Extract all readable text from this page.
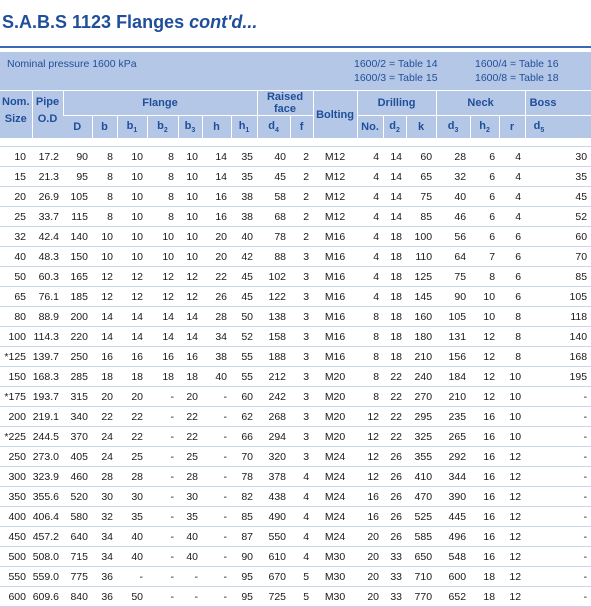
S.A.B.S 1123 Flanges cont'd...
Nominal pressure 1600 kPa	1600/2 = Table 14
1600/3 = Table 15
1600/4 = Table 16
1600/8 = Table 18
Nom.	Pipe	Flange							Raised face		Bolting	Drilling			Neck			Boss
Size	O.D																	
		D	b	$b_1$	$b_2$	$b_3$	h	$h_1$	$d_4$	f		No.	$d_2$	k	$d_3$	$h_2$	r	$d_5$

10	17.2	90	8	10	8	10	14	35	40	2	M12	4	14	60	28	6	4	30
15	21.3	95	8	10	8	10	14	35	45	2	M12	4	14	65	32	6	4	35
20	26.9	105	8	10	8	10	16	38	58	2	M12	4	14	75	40	6	4	45
25	33.7	115	8	10	8	10	16	38	68	2	M12	4	14	85	46	6	4	52
32	42.4	140	10	10	10	10	20	40	78	2	M16	4	18	100	56	6	6	60
40	48.3	150	10	10	10	10	20	42	88	3	M16	4	18	110	64	7	6	70
50	60.3	165	12	12	12	12	22	45	102	3	M16	4	18	125	75	8	6	85
65	76.1	185	12	12	12	12	26	45	122	3	M16	4	18	145	90	10	6	105
80	88.9	200	14	14	14	14	28	50	138	3	M16	8	18	160	105	10	8	118
100	114.3	220	14	14	14	14	34	52	158	3	M16	8	18	180	131	12	8	140
*125	139.7	250	16	16	16	16	38	55	188	3	M16	8	18	210	156	12	8	168
150	168.3	285	18	18	18	18	40	55	212	3	M20	8	22	240	184	12	10	195
*175	193.7	315	20	20	-	20	-	60	242	3	M20	8	22	270	210	12	10	-
200	219.1	340	22	22	-	22	-	62	268	3	M20	12	22	295	235	16	10	-
*225	244.5	370	24	22	-	22	-	66	294	3	M20	12	22	325	265	16	10	-
250	273.0	405	24	25	-	25	-	70	320	3	M24	12	26	355	292	16	12	-
300	323.9	460	28	28	-	28	-	78	378	4	M24	12	26	410	344	16	12	-
350	355.6	520	30	30	-	30	-	82	438	4	M24	16	26	470	390	16	12	-
400	406.4	580	32	35	-	35	-	85	490	4	M24	16	26	525	445	16	12	-
450	457.2	640	34	40	-	40	-	87	550	4	M24	20	26	585	496	16	12	-
500	508.0	715	34	40	-	40	-	90	610	4	M30	20	33	650	548	16	12	-
550	559.0	775	36	-	-	-	-	95	670	5	M30	20	33	710	600	18	12	-
600	609.6	840	36	50	-	-	-	95	725	5	M30	20	33	770	652	18	12	-
